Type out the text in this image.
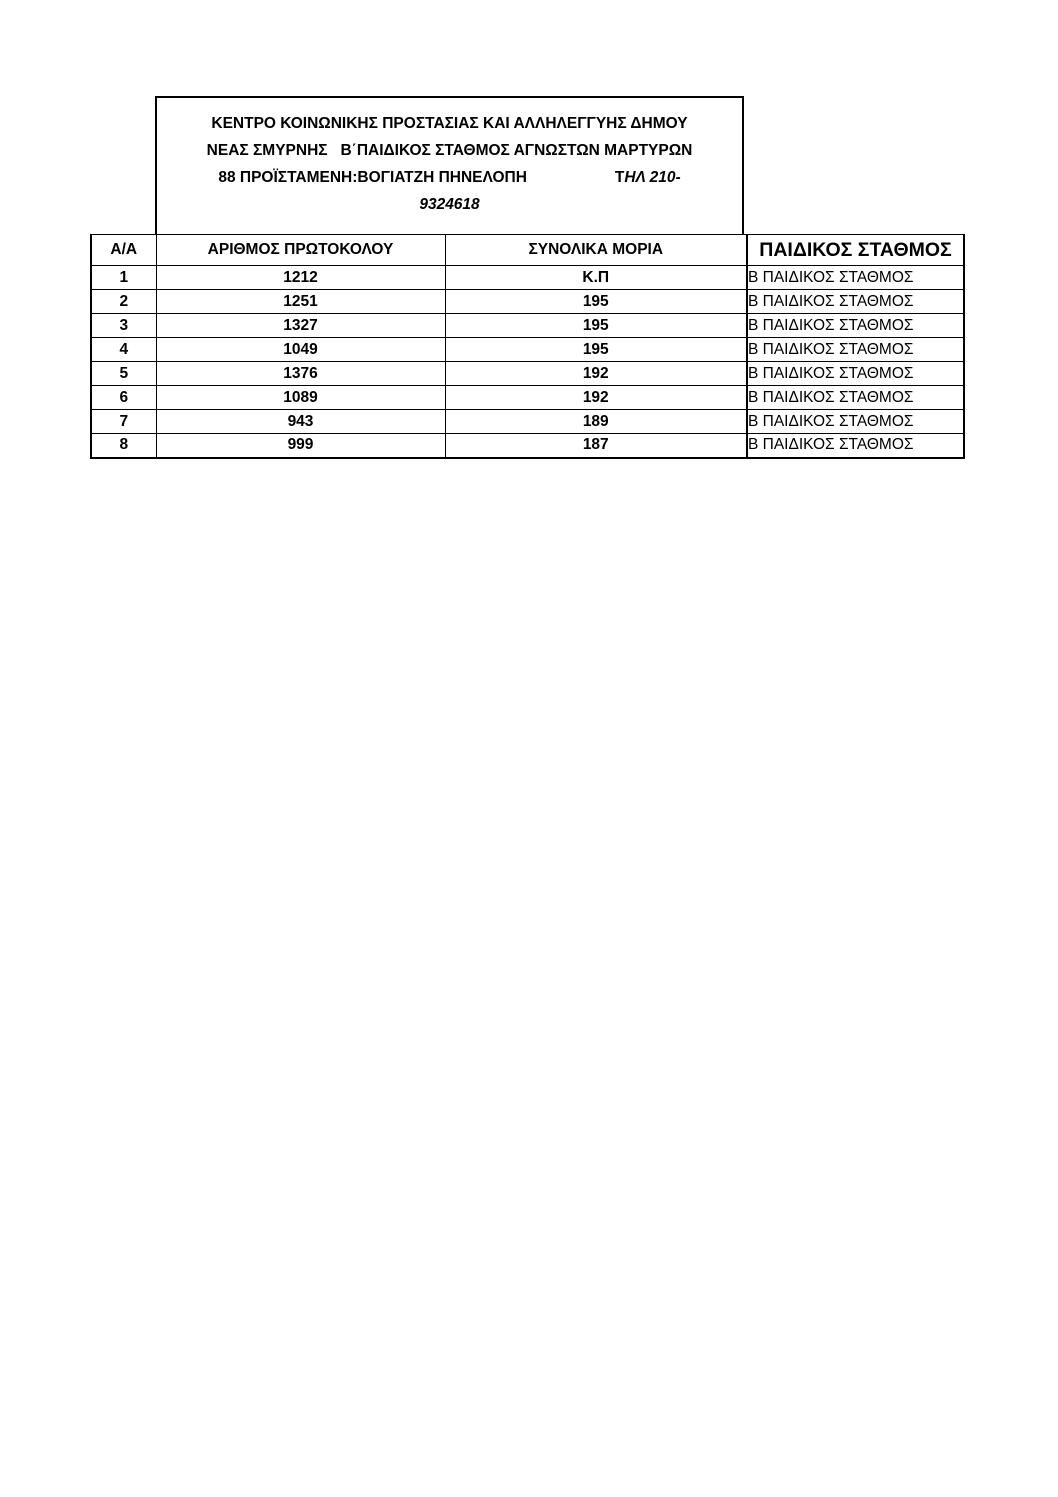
ΚΕΝΤΡΟ ΚΟΙΝΩΝΙΚΗΣ ΠΡΟΣΤΑΣΙΑΣ ΚΑΙ ΑΛΛΗΛΕΓΓΥΗΣ ΔΗΜΟΥ
ΝΕΑΣ ΣΜΥΡΝΗΣ   Β΄ΠΑΙΔΙΚΟΣ ΣΤΑΘΜΟΣ ΑΓΝΩΣΤΩΝ ΜΑΡΤΥΡΩΝ
88 ΠΡΟΪΣΤΑΜΕΝΗ:ΒΟΓΙΑΤΖΗ ΠΗΝΕΛΟΠΗ	ΤΗΛ 210-
9324618
Α/Α	ΑΡΙΘΜΟΣ ΠΡΩΤΟΚΟΛΟΥ	ΣΥΝΟΛΙΚΑ ΜΟΡΙΑ	ΠΑΙΔΙΚΟΣ ΣΤΑΘΜΟΣ
1	1212	Κ.Π	Β ΠΑΙΔΙΚΟΣ ΣΤΑΘΜΟΣ
2	1251	195	Β ΠΑΙΔΙΚΟΣ ΣΤΑΘΜΟΣ
3	1327	195	Β ΠΑΙΔΙΚΟΣ ΣΤΑΘΜΟΣ
4	1049	195	Β ΠΑΙΔΙΚΟΣ ΣΤΑΘΜΟΣ
5	1376	192	Β ΠΑΙΔΙΚΟΣ ΣΤΑΘΜΟΣ
6	1089	192	Β ΠΑΙΔΙΚΟΣ ΣΤΑΘΜΟΣ
7	943	189	Β ΠΑΙΔΙΚΟΣ ΣΤΑΘΜΟΣ
8	999	187	Β ΠΑΙΔΙΚΟΣ ΣΤΑΘΜΟΣ
